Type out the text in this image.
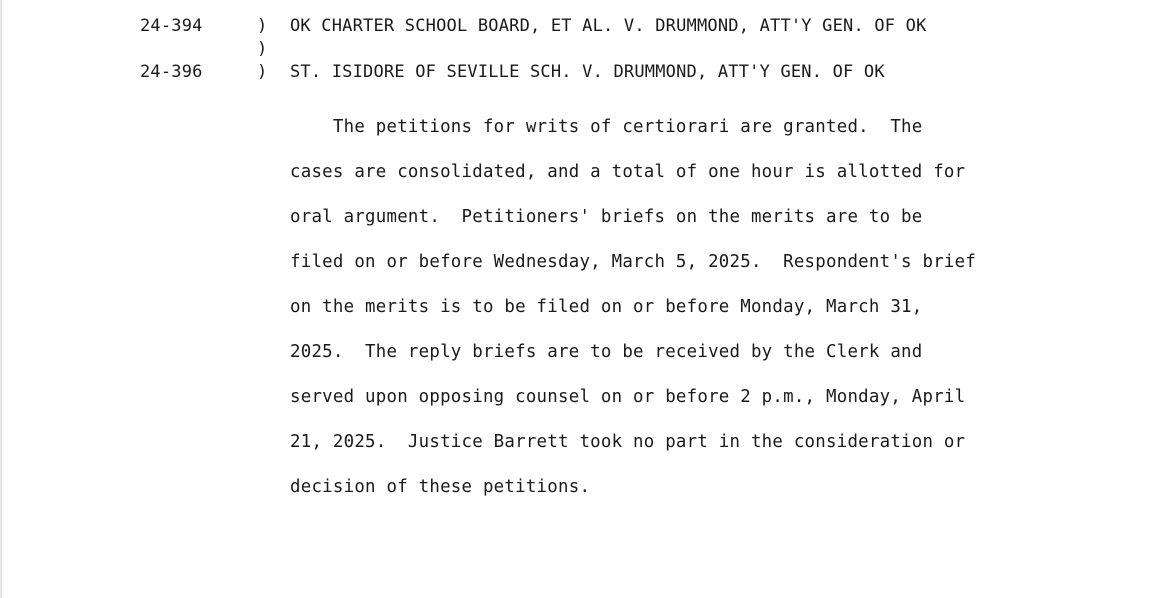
24-394	) OK CHARTER SCHOOL BOARD, ET AL. V. DRUMMOND, ATT'Y GEN. OF OK
)
24-396	) ST. ISIDORE OF SEVILLE SCH. V. DRUMMOND, ATT'Y GEN. OF OK
The petitions for writs of certiorari are granted.  The
cases are consolidated, and a total of one hour is allotted for
oral argument.  Petitioners' briefs on the merits are to be
filed on or before Wednesday, March 5, 2025.  Respondent's brief
on the merits is to be filed on or before Monday, March 31,
2025.  The reply briefs are to be received by the Clerk and
served upon opposing counsel on or before 2 p.m., Monday, April
21, 2025.  Justice Barrett took no part in the consideration or
decision of these petitions.
